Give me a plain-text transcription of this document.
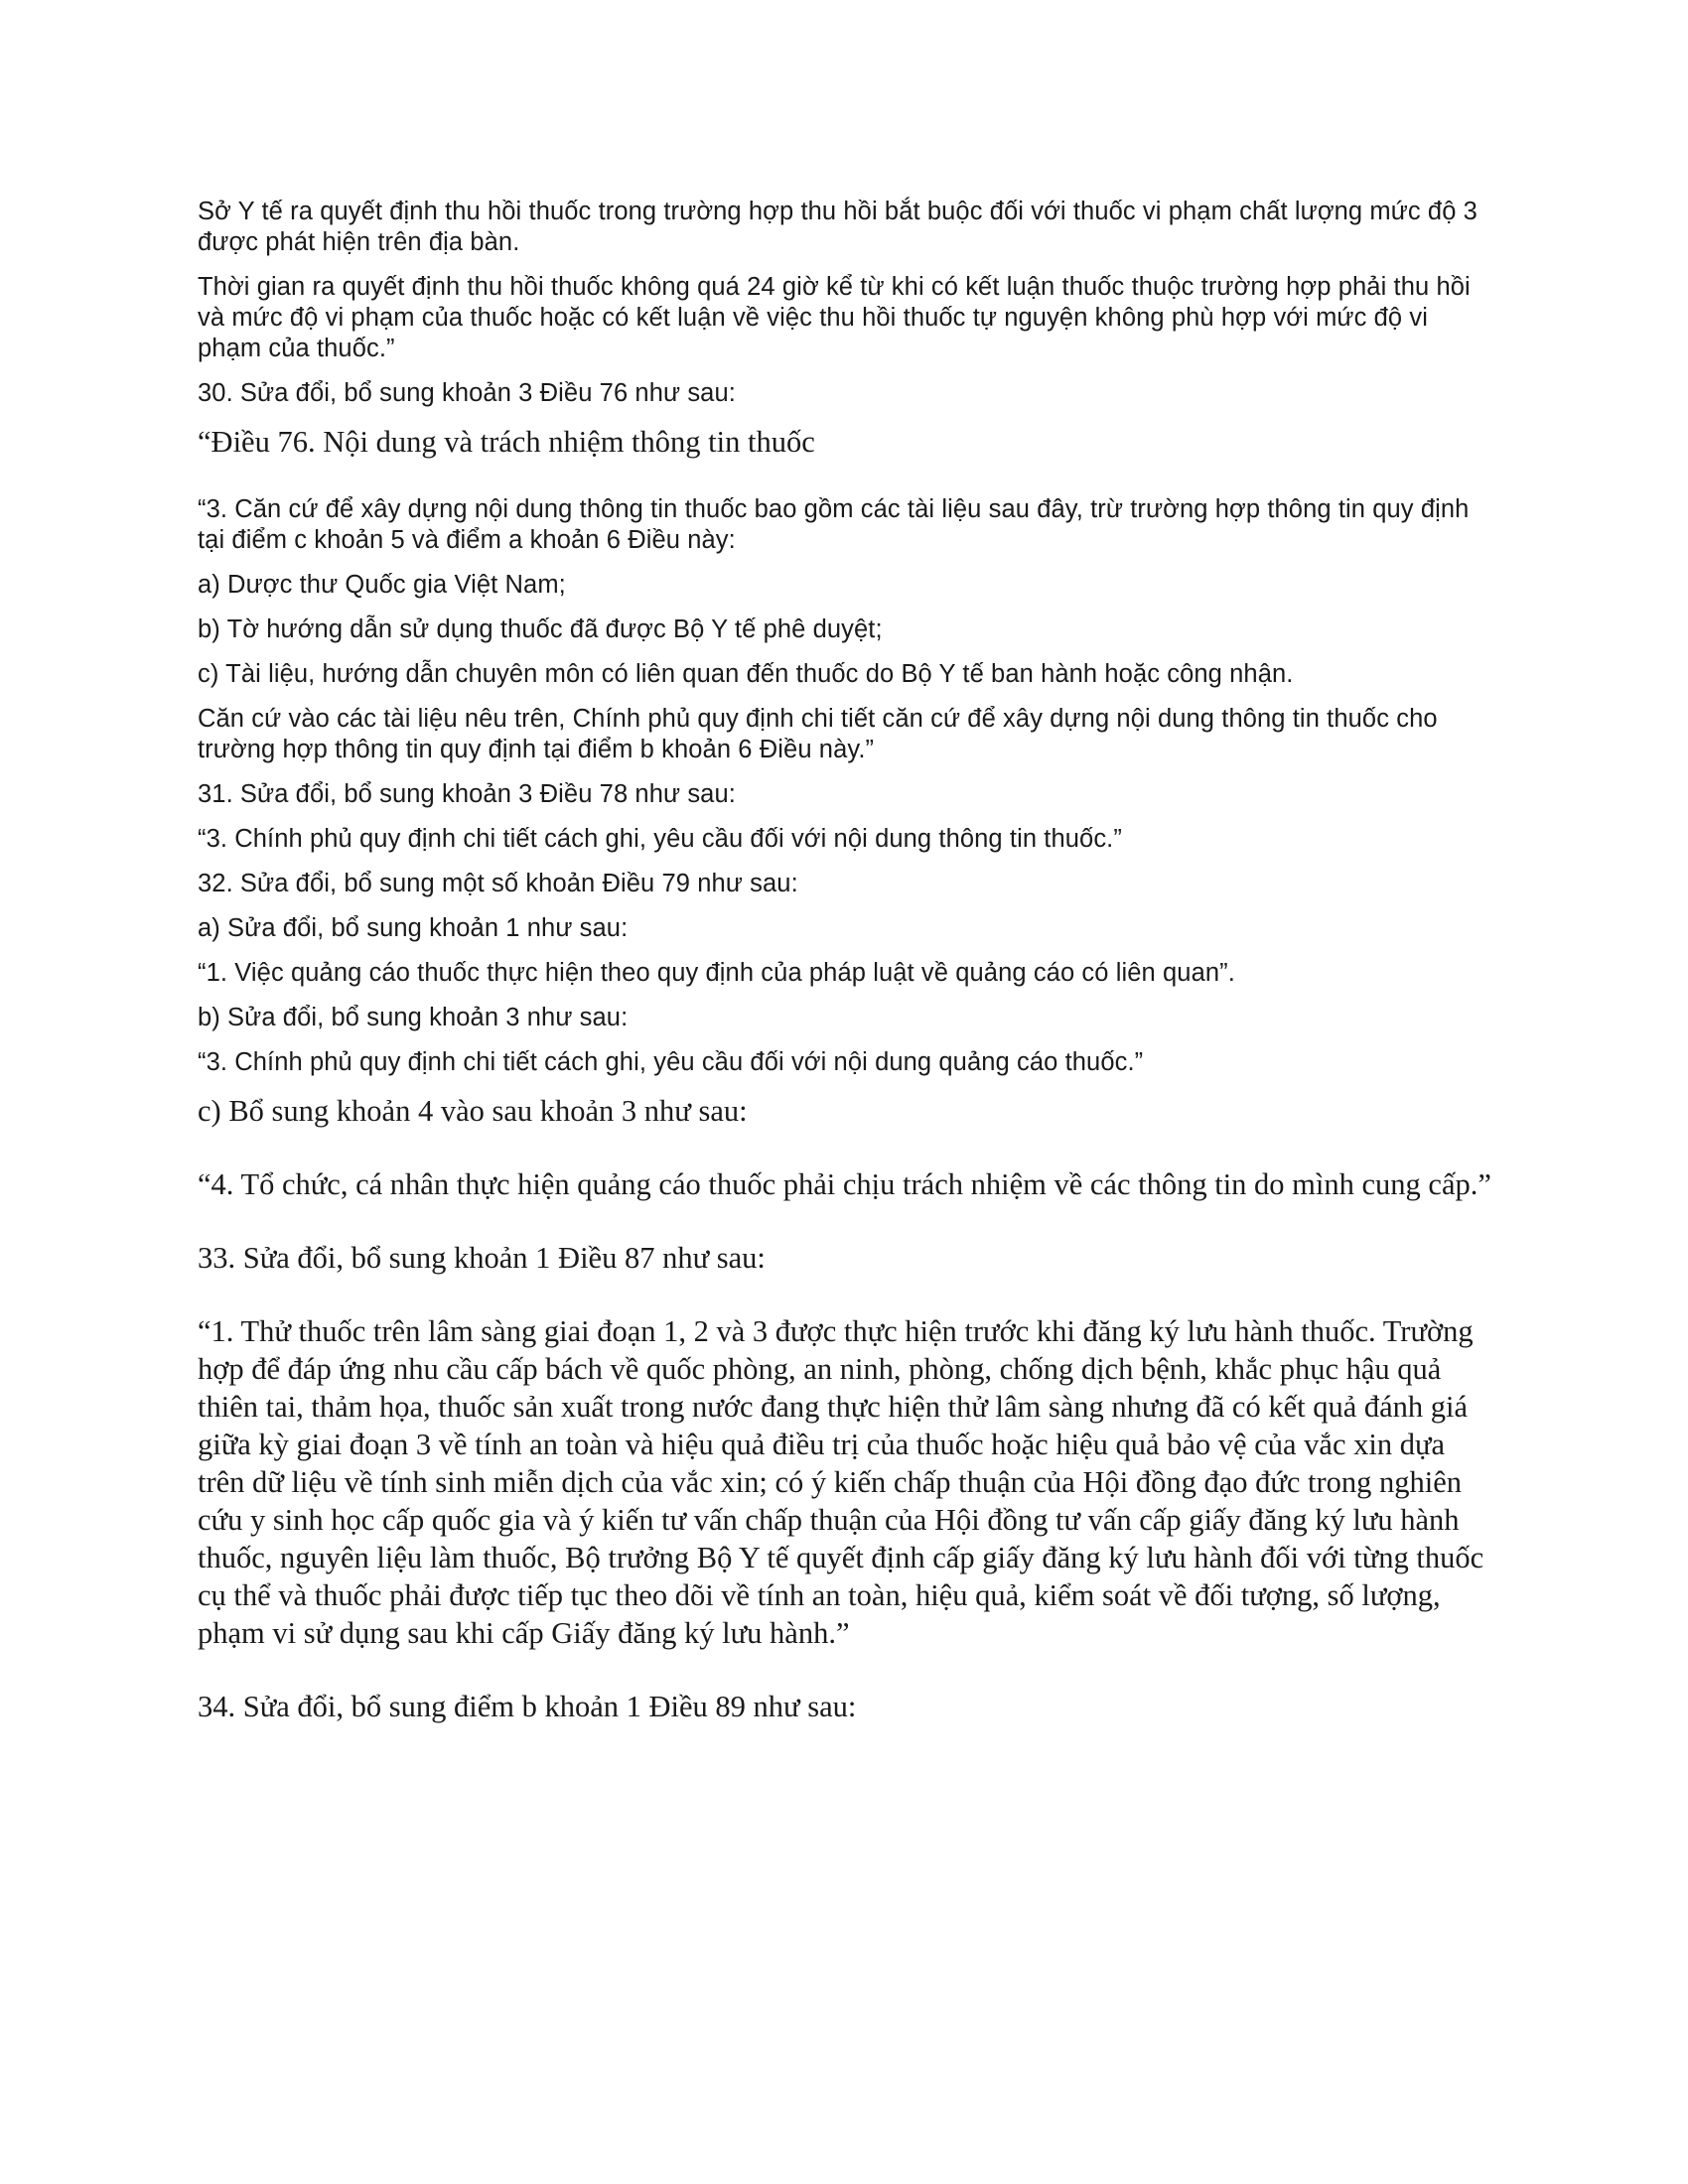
Sở Y tế ra quyết định thu hồi thuốc trong trường hợp thu hồi bắt buộc đối với thuốc vi phạm chất lượng mức độ 3 được phát hiện trên địa bàn.

Thời gian ra quyết định thu hồi thuốc không quá 24 giờ kể từ khi có kết luận thuốc thuộc trường hợp phải thu hồi và mức độ vi phạm của thuốc hoặc có kết luận về việc thu hồi thuốc tự nguyện không phù hợp với mức độ vi phạm của thuốc.”

30. Sửa đổi, bổ sung khoản 3 Điều 76 như sau:

“Điều 76. Nội dung và trách nhiệm thông tin thuốc

“3. Căn cứ để xây dựng nội dung thông tin thuốc bao gồm các tài liệu sau đây, trừ trường hợp thông tin quy định tại điểm c khoản 5 và điểm a khoản 6 Điều này:

a) Dược thư Quốc gia Việt Nam;

b) Tờ hướng dẫn sử dụng thuốc đã được Bộ Y tế phê duyệt;

c) Tài liệu, hướng dẫn chuyên môn có liên quan đến thuốc do Bộ Y tế ban hành hoặc công nhận.

Căn cứ vào các tài liệu nêu trên, Chính phủ quy định chi tiết căn cứ để xây dựng nội dung thông tin thuốc cho trường hợp thông tin quy định tại điểm b khoản 6 Điều này.”

31. Sửa đổi, bổ sung khoản 3 Điều 78 như sau:

“3. Chính phủ quy định chi tiết cách ghi, yêu cầu đối với nội dung thông tin thuốc.”

32. Sửa đổi, bổ sung một số khoản Điều 79 như sau:

a) Sửa đổi, bổ sung khoản 1 như sau:

“1. Việc quảng cáo thuốc thực hiện theo quy định của pháp luật về quảng cáo có liên quan”.

b) Sửa đổi, bổ sung khoản 3 như sau:

“3. Chính phủ quy định chi tiết cách ghi, yêu cầu đối với nội dung quảng cáo thuốc.”

c) Bổ sung khoản 4 vào sau khoản 3 như sau:

“4. Tổ chức, cá nhân thực hiện quảng cáo thuốc phải chịu trách nhiệm về các thông tin do mình cung cấp.”

33. Sửa đổi, bổ sung khoản 1 Điều 87 như sau:

“1. Thử thuốc trên lâm sàng giai đoạn 1, 2 và 3 được thực hiện trước khi đăng ký lưu hành thuốc. Trường hợp để đáp ứng nhu cầu cấp bách về quốc phòng, an ninh, phòng, chống dịch bệnh, khắc phục hậu quả thiên tai, thảm họa, thuốc sản xuất trong nước đang thực hiện thử lâm sàng nhưng đã có kết quả đánh giá giữa kỳ giai đoạn 3 về tính an toàn và hiệu quả điều trị của thuốc hoặc hiệu quả bảo vệ của vắc xin dựa trên dữ liệu về tính sinh miễn dịch của vắc xin; có ý kiến chấp thuận của Hội đồng đạo đức trong nghiên cứu y sinh học cấp quốc gia và ý kiến tư vấn chấp thuận của Hội đồng tư vấn cấp giấy đăng ký lưu hành thuốc, nguyên liệu làm thuốc, Bộ trưởng Bộ Y tế quyết định cấp giấy đăng ký lưu hành đối với từng thuốc cụ thể và thuốc phải được tiếp tục theo dõi về tính an toàn, hiệu quả, kiểm soát về đối tượng, số lượng, phạm vi sử dụng sau khi cấp Giấy đăng ký lưu hành.”

34. Sửa đổi, bổ sung điểm b khoản 1 Điều 89 như sau:
